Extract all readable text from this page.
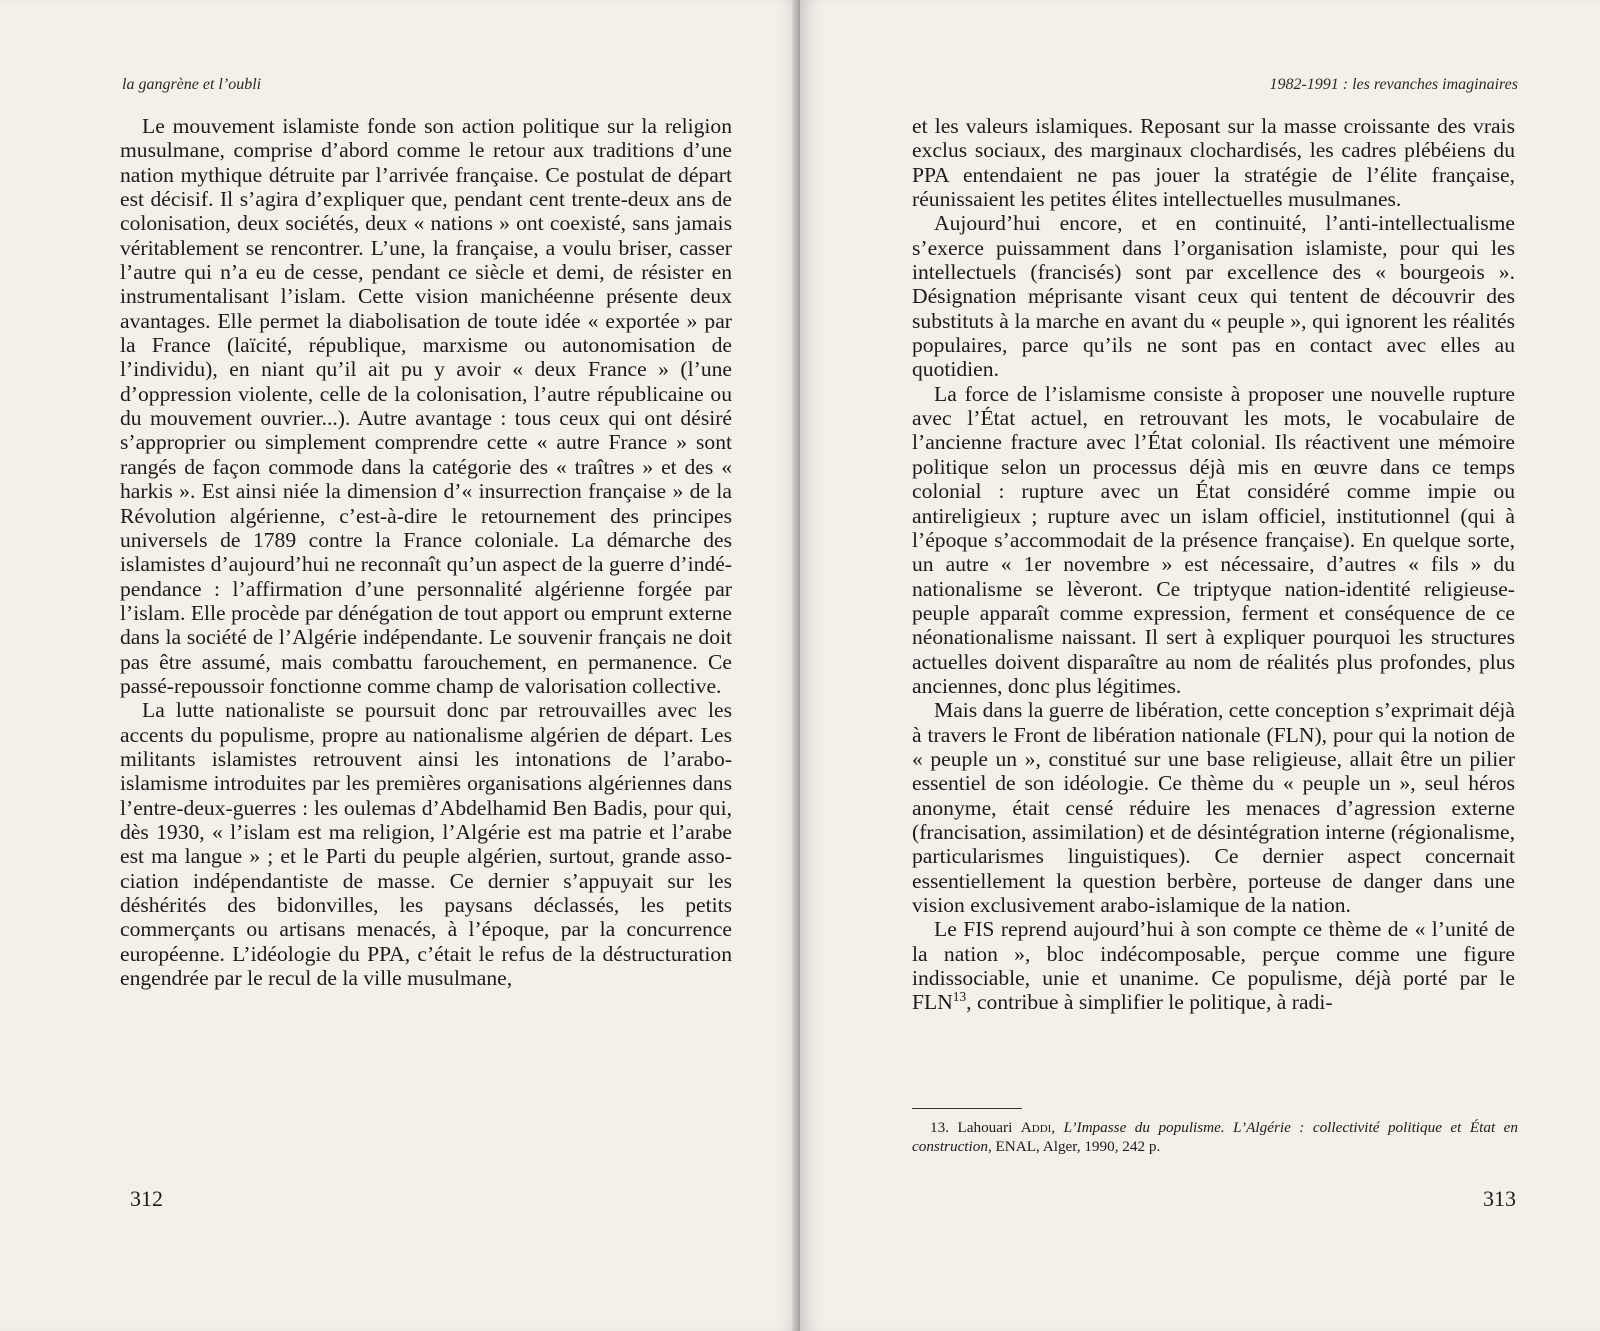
la gangrène et l’oubli

Le mouvement islamiste fonde son action politique sur la religion musulmane, comprise d’abord comme le retour aux traditions d’une nation mythique détruite par l’arrivée française. Ce postulat de départ est décisif. Il s’agira d’expliquer que, pendant cent trente-deux ans de colonisation, deux sociétés, deux « nations » ont coexisté, sans jamais véritablement se rencontrer. L’une, la française, a voulu briser, casser l’autre qui n’a eu de cesse, pendant ce siècle et demi, de résister en instrumentalisant l’islam. Cette vision manichéenne présente deux avantages. Elle permet la diabolisation de toute idée « exportée » par la France (laïcité, république, marxisme ou autonomisation de l’individu), en niant qu’il ait pu y avoir « deux France » (l’une d’oppression violente, celle de la colonisation, l’autre républicaine ou du mouvement ouvrier...). Autre avantage : tous ceux qui ont désiré s’approprier ou simplement comprendre cette « autre France » sont rangés de façon commode dans la catégorie des « traîtres » et des « harkis ». Est ainsi niée la dimension d’« insurrection française » de la Révolution algérienne, c’est-à-dire le retournement des principes universels de 1789 contre la France coloniale. La démarche des islamistes d’aujourd’hui ne reconnaît qu’un aspect de la guerre d’indépendance : l’affirmation d’une personnalité algérienne forgée par l’islam. Elle procède par dénégation de tout apport ou emprunt externe dans la société de l’Algérie indépendante. Le souvenir français ne doit pas être assumé, mais combattu farouchement, en permanence. Ce passé-repoussoir fonctionne comme champ de valorisation collective.

La lutte nationaliste se poursuit donc par retrouvailles avec les accents du populisme, propre au nationalisme algérien de départ. Les militants islamistes retrouvent ainsi les intonations de l’arabo-islamisme introduites par les premières organisations algériennes dans l’entre-deux-guerres : les oulemas d’Abdelhamid Ben Badis, pour qui, dès 1930, « l’islam est ma religion, l’Algérie est ma patrie et l’arabe est ma langue » ; et le Parti du peuple algérien, surtout, grande association indépendantiste de masse. Ce dernier s’appuyait sur les déshérités des bidonvilles, les paysans déclassés, les petits commerçants ou artisans menacés, à l’époque, par la concurrence européenne. L’idéologie du PPA, c’était le refus de la déstructuration engendrée par le recul de la ville musulmane,

312
1982-1991 : les revanches imaginaires

et les valeurs islamiques. Reposant sur la masse croissante des vrais exclus sociaux, des marginaux clochardisés, les cadres plébéiens du PPA entendaient ne pas jouer la stratégie de l’élite française, réunissaient les petites élites intellectuelles musulmanes.

Aujourd’hui encore, et en continuité, l’anti-intellectualisme s’exerce puissamment dans l’organisation islamiste, pour qui les intellectuels (francisés) sont par excellence des « bourgeois ». Désignation méprisante visant ceux qui tentent de découvrir des substituts à la marche en avant du « peuple », qui ignorent les réalités populaires, parce qu’ils ne sont pas en contact avec elles au quotidien.

La force de l’islamisme consiste à proposer une nouvelle rupture avec l’État actuel, en retrouvant les mots, le vocabulaire de l’ancienne fracture avec l’État colonial. Ils réactivent une mémoire politique selon un processus déjà mis en œuvre dans ce temps colonial : rupture avec un État considéré comme impie ou antireligieux ; rupture avec un islam officiel, institutionnel (qui à l’époque s’accommodait de la présence française). En quelque sorte, un autre « 1er novembre » est nécessaire, d’autres « fils » du nationalisme se lèveront. Ce triptyque nation-identité religieuse-peuple apparaît comme expression, ferment et conséquence de ce néonationalisme naissant. Il sert à expliquer pourquoi les structures actuelles doivent disparaître au nom de réalités plus profondes, plus anciennes, donc plus légitimes.

Mais dans la guerre de libération, cette conception s’exprimait déjà à travers le Front de libération nationale (FLN), pour qui la notion de « peuple un », constitué sur une base religieuse, allait être un pilier essentiel de son idéologie. Ce thème du « peuple un », seul héros anonyme, était censé réduire les menaces d’agression externe (francisation, assimilation) et de désintégration interne (régionalisme, particularismes linguistiques). Ce dernier aspect concernait essentiellement la question berbère, porteuse de danger dans une vision exclusivement arabo-islamique de la nation.

Le FIS reprend aujourd’hui à son compte ce thème de « l’unité de la nation », bloc indécomposable, perçue comme une figure indissociable, unie et unanime. Ce populisme, déjà porté par le FLN$^{13}$, contribue à simplifier le politique, à radi-

313
13. Lahouari Addi, L’Impasse du populisme. L’Algérie : collectivité politique et État en construction, ENAL, Alger, 1990, 242 p.
